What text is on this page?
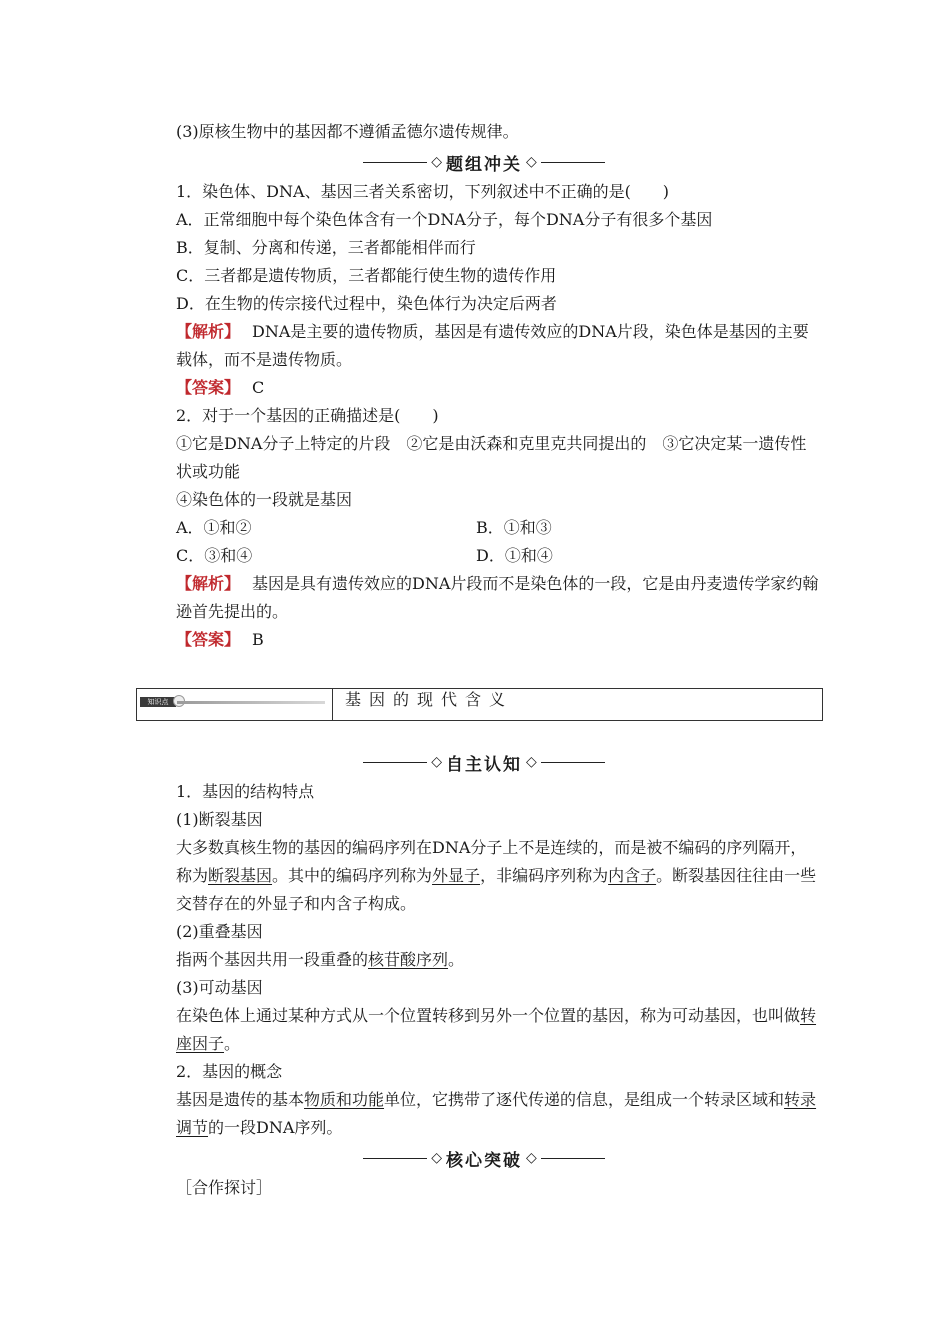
(3)原核生物中的基因都不遵循孟德尔遗传规律。
◇ 题组冲关 ◇
1．染色体、DNA、基因三者关系密切，下列叙述中不正确的是(　　)
A．正常细胞中每个染色体含有一个DNA分子，每个DNA分子有很多个基因
B．复制、分离和传递，三者都能相伴而行
C．三者都是遗传物质，三者都能行使生物的遗传作用
D．在生物的传宗接代过程中，染色体行为决定后两者
【解析】 DNA是主要的遗传物质，基因是有遗传效应的DNA片段，染色体是基因的主要载体，而不是遗传物质。
【答案】 C
2．对于一个基因的正确描述是(　　)
①它是DNA分子上特定的片段　②它是由沃森和克里克共同提出的　③它决定某一遗传性状或功能
④染色体的一段就是基因
A．①和②	B．①和③
C．③和④	D．①和④
【解析】 基因是具有遗传效应的DNA片段而不是染色体的一段，它是由丹麦遗传学家约翰逊首先提出的。
【答案】 B
知识点	基因的现代含义
◇ 自主认知 ◇
1．基因的结构特点
(1)断裂基因
大多数真核生物的基因的编码序列在DNA分子上不是连续的，而是被不编码的序列隔开，称为断裂基因。其中的编码序列称为外显子，非编码序列称为内含子。断裂基因往往由一些交替存在的外显子和内含子构成。
(2)重叠基因
指两个基因共用一段重叠的核苷酸序列。
(3)可动基因
在染色体上通过某种方式从一个位置转移到另外一个位置的基因，称为可动基因，也叫做转座因子。
2．基因的概念
基因是遗传的基本物质和功能单位，它携带了逐代传递的信息，是组成一个转录区域和转录调节的一段DNA序列。
◇ 核心突破 ◇
［合作探讨］
